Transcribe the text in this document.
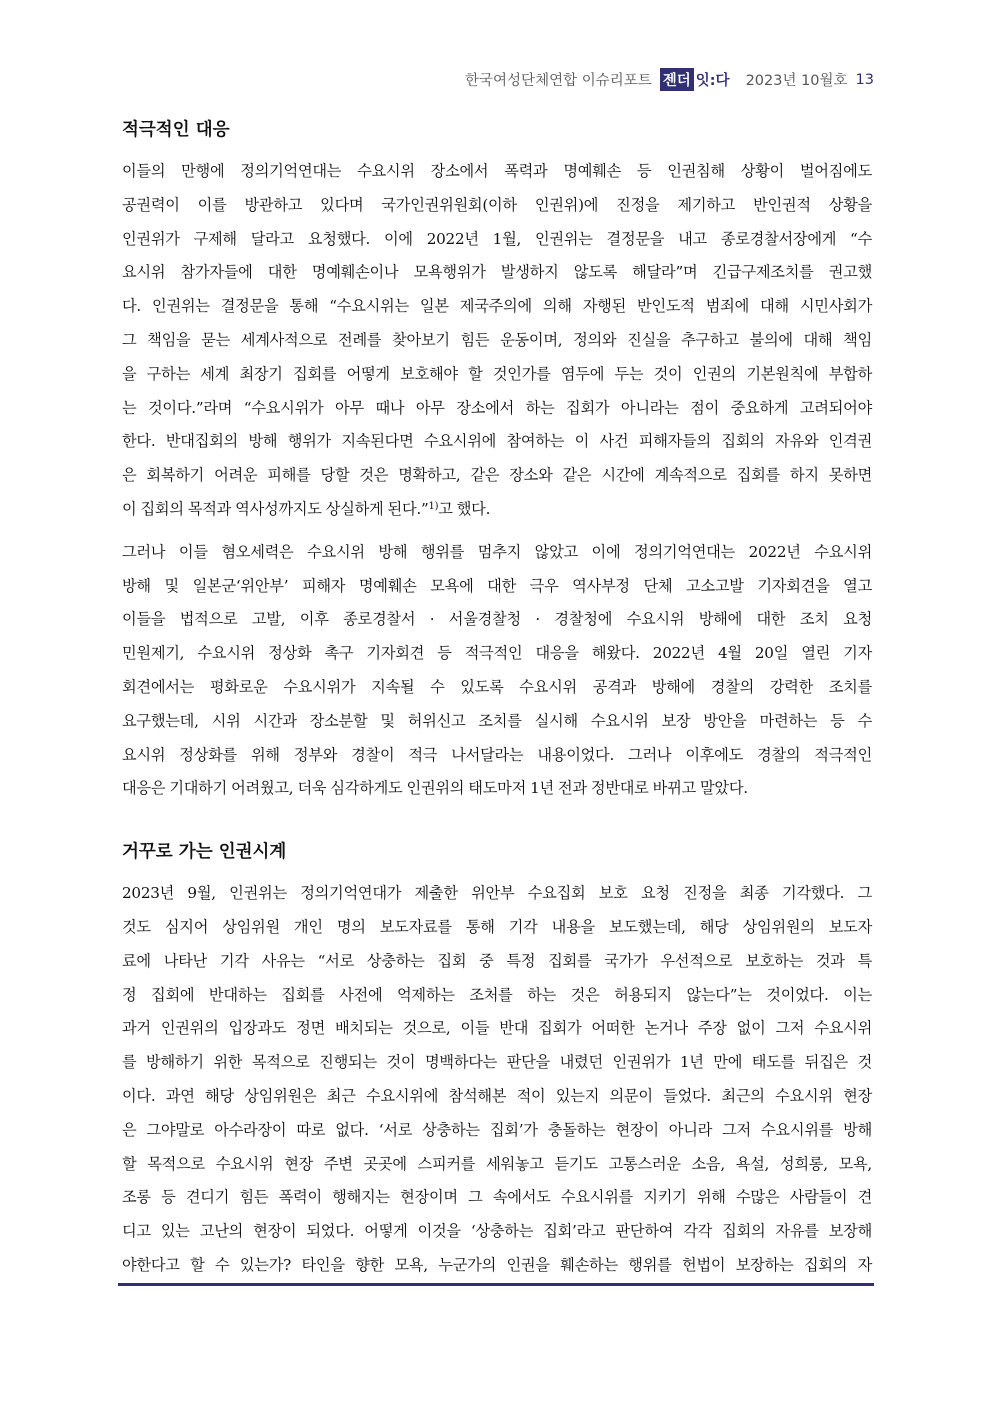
한국여성단체연합 이슈리포트 젠더 잇:다 2023년 10월호 13
적극적인 대응

이들의 만행에 정의기억연대는 수요시위 장소에서 폭력과 명예훼손 등 인권침해 상황이 벌어짐에도
공권력이 이를 방관하고 있다며 국가인권위원회(이하 인권위)에 진정을 제기하고 반인권적 상황을
인권위가 구제해 달라고 요청했다. 이에 2022년 1월, 인권위는 결정문을 내고 종로경찰서장에게 “수
요시위 참가자들에 대한 명예훼손이나 모욕행위가 발생하지 않도록 해달라”며 긴급구제조치를 권고했
다. 인권위는 결정문을 통해 “수요시위는 일본 제국주의에 의해 자행된 반인도적 범죄에 대해 시민사회가
그 책임을 묻는 세계사적으로 전례를 찾아보기 힘든 운동이며, 정의와 진실을 추구하고 불의에 대해 책임
을 구하는 세계 최장기 집회를 어떻게 보호해야 할 것인가를 염두에 두는 것이 인권의 기본원칙에 부합하
는 것이다.”라며 “수요시위가 아무 때나 아무 장소에서 하는 집회가 아니라는 점이 중요하게 고려되어야
한다. 반대집회의 방해 행위가 지속된다면 수요시위에 참여하는 이 사건 피해자들의 집회의 자유와 인격권
은 회복하기 어려운 피해를 당할 것은 명확하고, 같은 장소와 같은 시간에 계속적으로 집회를 하지 못하면
이 집회의 목적과 역사성까지도 상실하게 된다.”$^{1)}$고 했다.

그러나 이들 혐오세력은 수요시위 방해 행위를 멈추지 않았고 이에 정의기억연대는 2022년 수요시위
방해 및 일본군‘위안부’ 피해자 명예훼손 모욕에 대한 극우 역사부정 단체 고소고발 기자회견을 열고
이들을 법적으로 고발, 이후 종로경찰서 · 서울경찰청 · 경찰청에 수요시위 방해에 대한 조치 요청
민원제기, 수요시위 정상화 촉구 기자회견 등 적극적인 대응을 해왔다. 2022년 4월 20일 열린 기자
회견에서는 평화로운 수요시위가 지속될 수 있도록 수요시위 공격과 방해에 경찰의 강력한 조치를
요구했는데, 시위 시간과 장소분할 및 허위신고 조치를 실시해 수요시위 보장 방안을 마련하는 등 수
요시위 정상화를 위해 정부와 경찰이 적극 나서달라는 내용이었다. 그러나 이후에도 경찰의 적극적인
대응은 기대하기 어려웠고, 더욱 심각하게도 인권위의 태도마저 1년 전과 정반대로 바뀌고 말았다.

거꾸로 가는 인권시계

2023년 9월, 인권위는 정의기억연대가 제출한 위안부 수요집회 보호 요청 진정을 최종 기각했다. 그
것도 심지어 상임위원 개인 명의 보도자료를 통해 기각 내용을 보도했는데, 해당 상임위원의 보도자
료에 나타난 기각 사유는 “서로 상충하는 집회 중 특정 집회를 국가가 우선적으로 보호하는 것과 특
정 집회에 반대하는 집회를 사전에 억제하는 조처를 하는 것은 허용되지 않는다”는 것이었다. 이는
과거 인권위의 입장과도 정면 배치되는 것으로, 이들 반대 집회가 어떠한 논거나 주장 없이 그저 수요시위
를 방해하기 위한 목적으로 진행되는 것이 명백하다는 판단을 내렸던 인권위가 1년 만에 태도를 뒤집은 것
이다. 과연 해당 상임위원은 최근 수요시위에 참석해본 적이 있는지 의문이 들었다. 최근의 수요시위 현장
은 그야말로 아수라장이 따로 없다. ‘서로 상충하는 집회’가 충돌하는 현장이 아니라 그저 수요시위를 방해
할 목적으로 수요시위 현장 주변 곳곳에 스피커를 세워놓고 듣기도 고통스러운 소음, 욕설, 성희롱, 모욕,
조롱 등 견디기 힘든 폭력이 행해지는 현장이며 그 속에서도 수요시위를 지키기 위해 수많은 사람들이 견
디고 있는 고난의 현장이 되었다. 어떻게 이것을 ‘상충하는 집회’라고 판단하여 각각 집회의 자유를 보장해
야한다고 할 수 있는가? 타인을 향한 모욕, 누군가의 인권을 훼손하는 행위를 헌법이 보장하는 집회의 자
